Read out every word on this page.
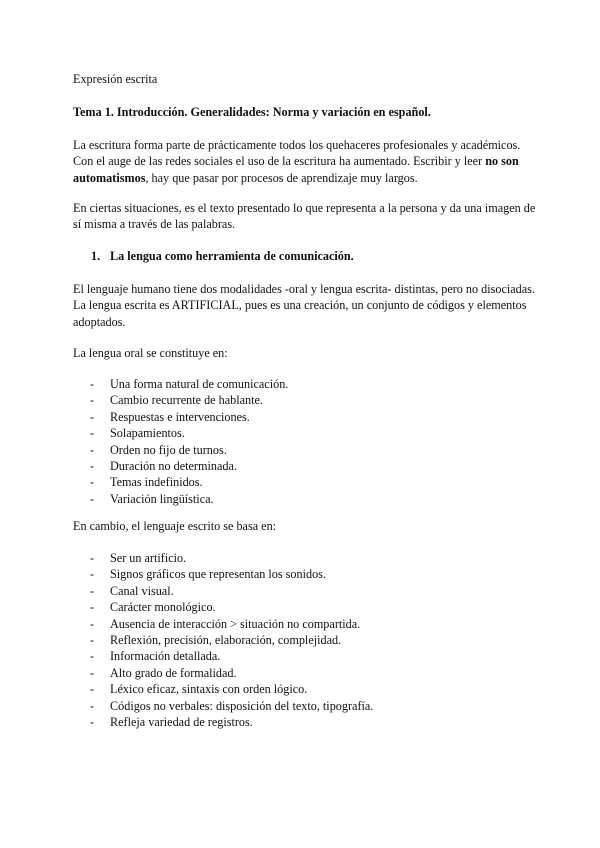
Expresión escrita
Tema 1. Introducción. Generalidades: Norma y variación en español.
La escritura forma parte de prácticamente todos los quehaceres profesionales y académicos. Con el auge de las redes sociales el uso de la escritura ha aumentado. Escribir y leer no son automatismos, hay que pasar por procesos de aprendizaje muy largos.
En ciertas situaciones, es el texto presentado lo que representa a la persona y da una imagen de sí misma a través de las palabras.
1. La lengua como herramienta de comunicación.
El lenguaje humano tiene dos modalidades -oral y lengua escrita- distintas, pero no disociadas. La lengua escrita es ARTIFICIAL, pues es una creación, un conjunto de códigos y elementos adoptados.
La lengua oral se constituye en:
- Una forma natural de comunicación.
- Cambio recurrente de hablante.
- Respuestas e intervenciones.
- Solapamientos.
- Orden no fijo de turnos.
- Duración no determinada.
- Temas indefinidos.
- Variación lingüística.
En cambio, el lenguaje escrito se basa en:
- Ser un artificio.
- Signos gráficos que representan los sonidos.
- Canal visual.
- Carácter monológico.
- Ausencia de interacción > situación no compartida.
- Reflexión, precisión, elaboración, complejidad.
- Información detallada.
- Alto grado de formalidad.
- Léxico eficaz, sintaxis con orden lógico.
- Códigos no verbales: disposición del texto, tipografía.
- Refleja variedad de registros.
